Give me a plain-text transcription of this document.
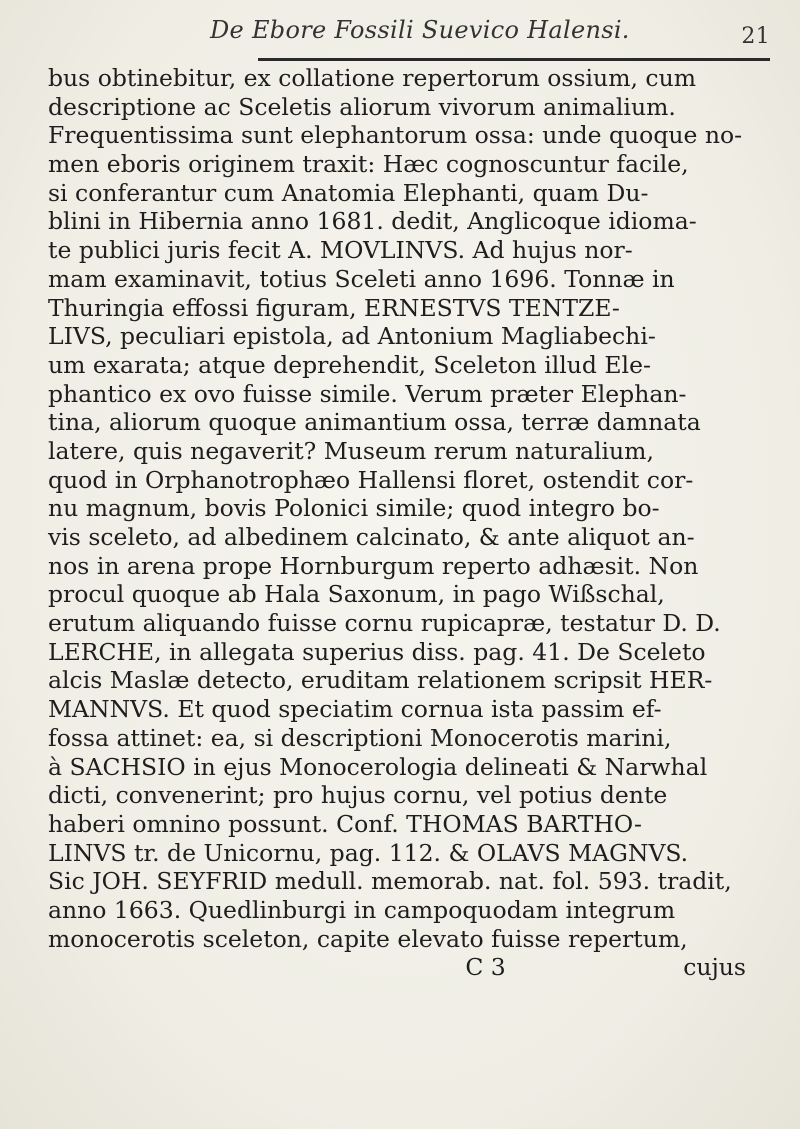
De Ebore Fossili Suevico Halensi.	21
bus obtinebitur, ex collatione repertorum ossium, cum
descriptione ac Sceletis aliorum vivorum animalium.
Frequentissima sunt elephantorum ossa: unde quoque no-
men eboris originem traxit: Hæc cognoscuntur facile,
si conferantur cum Anatomia Elephanti, quam Du-
blini in Hibernia anno 1681. dedit, Anglicoque idioma-
te publici juris fecit A. MOVLINVS. Ad hujus nor-
mam examinavit, totius Sceleti anno 1696. Tonnæ in
Thuringia effossi figuram, ERNESTVS TENTZE-
LIVS, peculiari epistola, ad Antonium Magliabechi-
um exarata; atque deprehendit, Sceleton illud Ele-
phantico ex ovo fuisse simile. Verum præter Elephan-
tina, aliorum quoque animantium ossa, terræ damnata
latere, quis negaverit? Museum rerum naturalium,
quod in Orphanotrophæo Hallensi floret, ostendit cor-
nu magnum, bovis Polonici simile; quod integro bo-
vis sceleto, ad albedinem calcinato, & ante aliquot an-
nos in arena prope Hornburgum reperto adhæsit. Non
procul quoque ab Hala Saxonum, in pago Wißschal,
erutum aliquando fuisse cornu rupicapræ, testatur D. D.
LERCHE, in allegata superius diss. pag. 41. De Sceleto
alcis Maslæ detecto, eruditam relationem scripsit HER-
MANNVS. Et quod speciatim cornua ista passim ef-
fossa attinet: ea, si descriptioni Monocerotis marini,
à SACHSIO in ejus Monocerologia delineati & Narwhal
dicti, convenerint; pro hujus cornu, vel potius dente
haberi omnino possunt. Conf. THOMAS BARTHO-
LINVS tr. de Unicornu, pag. 112. & OLAVS MAGNVS.
Sic JOH. SEYFRID medull. memorab. nat. fol. 593. tradit,
anno 1663. Quedlinburgi in campoquodam integrum
monocerotis sceleton, capite elevato fuisse repertum,
C 3	cujus
